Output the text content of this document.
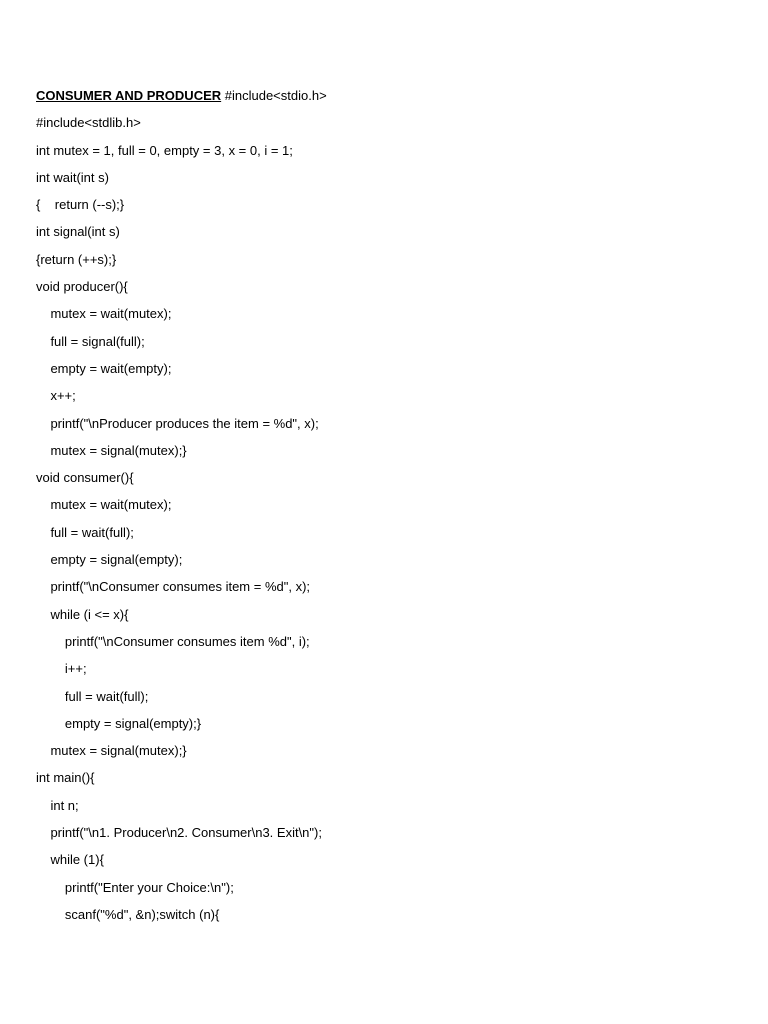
CONSUMER AND PRODUCER #include<stdio.h>
#include<stdlib.h>
int mutex = 1, full = 0, empty = 3, x = 0, i = 1;
int wait(int s)
{    return (--s);}
int signal(int s)
{return (++s);}
void producer(){
mutex = wait(mutex);
full = signal(full);
empty = wait(empty);
x++;
printf("\nProducer produces the item = %d", x);
mutex = signal(mutex);}
void consumer(){
mutex = wait(mutex);
full = wait(full);
empty = signal(empty);
printf("\nConsumer consumes item = %d", x);
while (i <= x){
printf("\nConsumer consumes item %d", i);
i++;
full = wait(full);
empty = signal(empty);}
mutex = signal(mutex);}
int main(){
int n;
printf("\n1. Producer\n2. Consumer\n3. Exit\n");
while (1){
printf("Enter your Choice:\n");
scanf("%d", &n);switch (n){
